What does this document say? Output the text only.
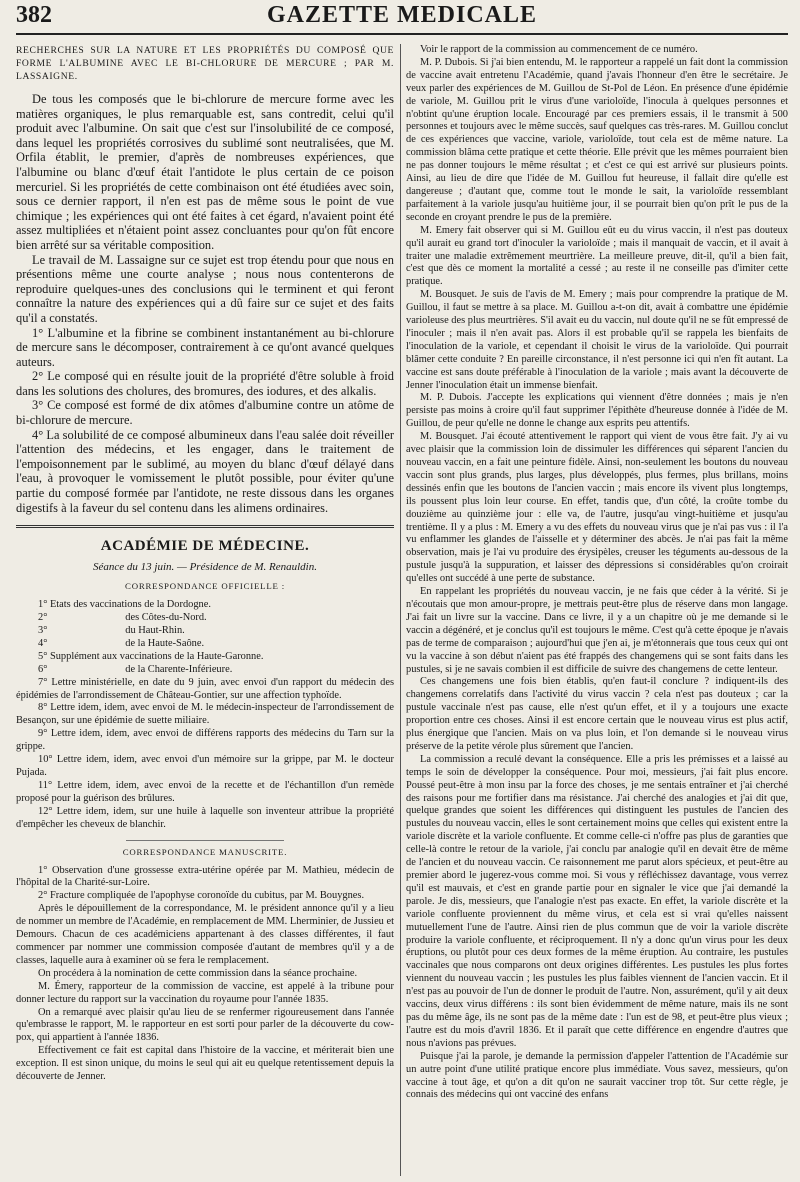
382	GAZETTE MEDICALE

RECHERCHES SUR LA NATURE ET LES PROPRIÉTÉS DU COMPOSÉ QUE FORME L'ALBUMINE AVEC LE BI-CHLORURE DE MERCURE ; PAR M. LASSAIGNE.

De tous les composés que le bi-chlorure de mercure forme avec les matières organiques, le plus remarquable est, sans contredit, celui qu'il produit avec l'albumine. On sait que c'est sur l'insolubilité de ce composé, dans lequel les propriétés corrosives du sublimé sont neutralisées, que M. Orfila établit, le premier, d'après de nombreuses expériences, que l'albumine ou blanc d'œuf était l'antidote le plus certain de ce poison mercuriel. Si les propriétés de cette combinaison ont été étudiées avec soin, sous ce dernier rapport, il n'en est pas de même sous le point de vue chimique ; les expériences qui ont été faites à cet égard, n'avaient point été assez multipliées et n'étaient point assez concluantes pour qu'on fût encore bien arrêté sur sa véritable composition.

Le travail de M. Lassaigne sur ce sujet est trop étendu pour que nous en présentions même une courte analyse ; nous nous contenterons de reproduire quelques-unes des conclusions qui le terminent et qui feront connaître la nature des expériences qui a dû faire sur ce sujet et des faits qu'il a constatés.

1° L'albumine et la fibrine se combinent instantanément au bi-chlorure de mercure sans le décomposer, contrairement à ce qu'ont avancé quelques auteurs.

2° Le composé qui en résulte jouit de la propriété d'être soluble à froid dans les solutions des cholures, des bromures, des iodures, et des alkalis.

3° Ce composé est formé de dix atômes d'albumine contre un atôme de bi-chlorure de mercure.

4° La solubilité de ce composé albumineux dans l'eau salée doit réveiller l'attention des médecins, et les engager, dans le traitement de l'empoisonnement par le sublimé, au moyen du blanc d'œuf délayé dans l'eau, à provoquer le vomissement le plutôt possible, pour éviter qu'une partie du composé formée par l'antidote, ne reste dissous dans les organes digestifs à la faveur du sel contenu dans les alimens ordinaires.

ACADÉMIE DE MÉDECINE.
Séance du 13 juin. — Présidence de M. Renauldin.
CORRESPONDANCE OFFICIELLE :

1° Etats des vaccinations de la Dordogne.

2°                              des Côtes-du-Nord.

3°                              du Haut-Rhin.

4°                              de la Haute-Saône.

5° Supplément aux vaccinations de la Haute-Garonne.

6°                              de la Charente-Inférieure.

7° Lettre ministérielle, en date du 9 juin, avec envoi d'un rapport du médecin des épidémies de l'arrondissement de Château-Gontier, sur une affection typhoïde.

8° Lettre idem, idem, avec envoi de M. le médecin-inspecteur de l'arrondissement de Besançon, sur une épidémie de suette miliaire.

9° Lettre idem, idem, avec envoi de différens rapports des médecins du Tarn sur la grippe.

10° Lettre idem, idem, avec envoi d'un mémoire sur la grippe, par M. le docteur Pujada.

11° Lettre idem, idem, avec envoi de la recette et de l'échantillon d'un remède proposé pour la guérison des brûlures.

12° Lettre idem, idem, sur une huile à laquelle son inventeur attribue la propriété d'empêcher les cheveux de blanchir.

CORRESPONDANCE MANUSCRITE.

1° Observation d'une grossesse extra-utérine opérée par M. Mathieu, médecin de l'hôpital de la Charité-sur-Loire.

2° Fracture compliquée de l'apophyse coronoïde du cubitus, par M. Bouygnes.

Après le dépouillement de la correspondance, M. le président annonce qu'il y a lieu de nommer un membre de l'Académie, en remplacement de MM. Lherminier, de Jussieu et Demours. Chacun de ces académiciens appartenant à des classes différentes, il faut commencer par nommer une commission composée d'autant de membres qu'il y a de classes, laquelle aura à examiner où se fera le remplacement.

On procédera à la nomination de cette commission dans la séance prochaine.

M. Émery, rapporteur de la commission de vaccine, est appelé à la tribune pour donner lecture du rapport sur la vaccination du royaume pour l'année 1835.

On a remarqué avec plaisir qu'au lieu de se renfermer rigoureusement dans l'année qu'embrasse le rapport, M. le rapporteur en est sorti pour parler de la découverte du cow-pox, qui appartient à l'année 1836.

Effectivement ce fait est capital dans l'histoire de la vaccine, et mériterait bien une exception. Il est sinon unique, du moins le seul qui ait eu quelque retentissement depuis la découverte de Jenner.

Voir le rapport de la commission au commencement de ce numéro.

M. P. Dubois. Si j'ai bien entendu, M. le rapporteur a rappelé un fait dont la commission de vaccine avait entretenu l'Académie, quand j'avais l'honneur d'en être le secrétaire. Je veux parler des expériences de M. Guillou de St-Pol de Léon. En présence d'une épidémie de variole, M. Guillou prit le virus d'une varioloïde, l'inocula à quelques personnes et n'obtint qu'une éruption locale. Encouragé par ces premiers essais, il le transmit à 500 personnes et toujours avec le même succès, sauf quelques cas très-rares. M. Guillou conclut de ces expériences que vaccine, variole, varioloïde, tout cela est de même nature. La commission blâma cette pratique et cette théorie. Elle prévit que les mêmes pourraient bien ne pas donner toujours le même résultat ; et c'est ce qui est arrivé sur plusieurs points. Ainsi, au lieu de dire que l'idée de M. Guillou fut heureuse, il fallait dire qu'elle est dangereuse ; d'autant que, comme tout le monde le sait, la varioloïde ressemblant parfaitement à la variole jusqu'au huitième jour, il se pourrait bien qu'on prît le pus de la seconde en croyant prendre le pus de la première.

M. Emery fait observer qui si M. Guillou eût eu du virus vaccin, il n'est pas douteux qu'il aurait eu grand tort d'inoculer la varioloïde ; mais il manquait de vaccin, et il avait à traiter une maladie extrêmement meurtrière. La meilleure preuve, dit-il, qu'il a bien fait, c'est que dès ce moment la mortalité a cessé ; au reste il ne conseille pas d'imiter cette pratique.

M. Bousquet. Je suis de l'avis de M. Emery ; mais pour comprendre la pratique de M. Guillou, il faut se mettre à sa place. M. Guillou a-t-on dit, avait à combattre une épidémie varioleuse des plus meurtrières. S'il avait eu du vaccin, nul doute qu'il ne se fût empressé de l'inoculer ; mais il n'en avait pas. Alors il est probable qu'il se rappela les bienfaits de l'inoculation de la variole, et cependant il choisit le virus de la varioloïde. Qui pourrait blâmer cette conduite ? En pareille circonstance, il n'est personne ici qui n'en fît autant. La vaccine est sans doute préférable à l'inoculation de la variole ; mais avant la découverte de Jenner l'inoculation était un immense bienfait.

M. P. Dubois. J'accepte les explications qui viennent d'être données ; mais je n'en persiste pas moins à croire qu'il faut supprimer l'épithète d'heureuse donnée à l'idée de M. Guillou, de peur qu'elle ne donne le change aux esprits peu attentifs.

M. Bousquet. J'ai écouté attentivement le rapport qui vient de vous être fait. J'y ai vu avec plaisir que la commission loin de dissimuler les différences qui séparent l'ancien du nouveau vaccin, en a fait une peinture fidèle. Ainsi, non-seulement les boutons du nouveau vaccin sont plus grands, plus larges, plus développés, plus fermes, plus brillans, moins dessinés enfin que les boutons de l'ancien vaccin ; mais encore ils vivent plus longtemps, ils poussent plus loin leur course. En effet, tandis que, d'un côté, la croûte tombe du douzième au quinzième jour : elle va, de l'autre, jusqu'au vingt-huitième et jusqu'au trentième. Il y a plus : M. Emery a vu des effets du nouveau virus que je n'ai pas vus : il l'a vu enflammer les glandes de l'aisselle et y déterminer des abcès. Je n'ai pas fait la même observation, mais je l'ai vu produire des érysipèles, creuser les téguments au-dessous de la pustule jusqu'à la suppuration, et laisser des dépressions si considérables qu'on croirait qu'elles ont succédé à une perte de substance.

En rappelant les propriétés du nouveau vaccin, je ne fais que céder à la vérité. Si je n'écoutais que mon amour-propre, je mettrais peut-être plus de réserve dans mon langage. J'ai fait un livre sur la vaccine. Dans ce livre, il y a un chapitre où je me demande si le vaccin a dégénéré, et je conclus qu'il est toujours le même. C'est qu'à cette époque je n'avais pas de terme de comparaison ; aujourd'hui que j'en ai, je m'étonnerais que tous ceux qui ont vu la vaccine à son début n'aient pas été frappés des changemens qui se sont faits dans les pustules, si je ne savais combien il est difficile de suivre des changemens de cette lenteur.

Ces changemens une fois bien établis, qu'en faut-il conclure ? indiquent-ils des changemens correlatifs dans l'activité du virus vaccin ? cela n'est pas douteux ; car la pustule vaccinale n'est pas cause, elle n'est qu'un effet, et il y a toujours une exacte proportion entre ces choses. Ainsi il est encore certain que le nouveau virus est plus actif, plus énergique que l'ancien. Mais on va plus loin, et l'on demande si le nouveau virus préserve de la petite vérole plus sûrement que l'ancien.

La commission a reculé devant la conséquence. Elle a pris les prémisses et a laissé au temps le soin de développer la conséquence. Pour moi, messieurs, j'ai fait plus encore. Poussé peut-être à mon insu par la force des choses, je me sentais entraîner et j'ai cherché des raisons pour me fortifier dans ma résistance. J'ai cherché des analogies et j'ai dit que, quelque grandes que soient les différences qui distinguent les pustules de l'ancien des pustules du nouveau vaccin, elles le sont certainement moins que celles qui existent entre la variole discrète et la variole confluente. Et comme celle-ci n'offre pas plus de garanties que celle-là contre le retour de la variole, j'ai conclu par analogie qu'il en devait être de même de l'ancien et du nouveau vaccin. Ce raisonnement me parut alors spécieux, et peut-être au premier abord le jugerez-vous comme moi. Si vous y réfléchissez davantage, vous verrez qu'il est mauvais, et c'est en grande partie pour en signaler le vice que j'ai demandé la parole. Je dis, messieurs, que l'analogie n'est pas exacte. En effet, la variole discrète et la variole confluente proviennent du même virus, et cela est si vrai qu'elles naissent mutuellement l'une de l'autre. Ainsi rien de plus commun que de voir la variole discrète produire la variole confluente, et réciproquement. Il n'y a donc qu'un virus pour les deux éruptions, ou plutôt pour ces deux formes de la même éruption. Au contraire, les pustules vaccinales que nous comparons ont deux origines différentes. Les pustules les plus fortes viennent du nouveau vaccin ; les pustules les plus faibles viennent de l'ancien vaccin. Et il n'est pas au pouvoir de l'un de donner le produit de l'autre. Non, assurément, qu'il y ait deux vaccins, deux virus différens : ils sont bien évidemment de même nature, mais ils ne sont pas du même âge, ils ne sont pas de la même date : l'un est de 98, et peut-être plus vieux ; l'autre est du mois d'avril 1836. Et il paraît que cette différence en engendre d'autres que nous n'avions pas prévues.

Puisque j'ai la parole, je demande la permission d'appeler l'attention de l'Académie sur un autre point d'une utilité pratique encore plus immédiate. Vous savez, messieurs, qu'on vaccine à tout âge, et qu'on a dit qu'on ne saurait vacciner trop tôt. Sur cette règle, je connais des médecins qui ont vacciné des enfans
